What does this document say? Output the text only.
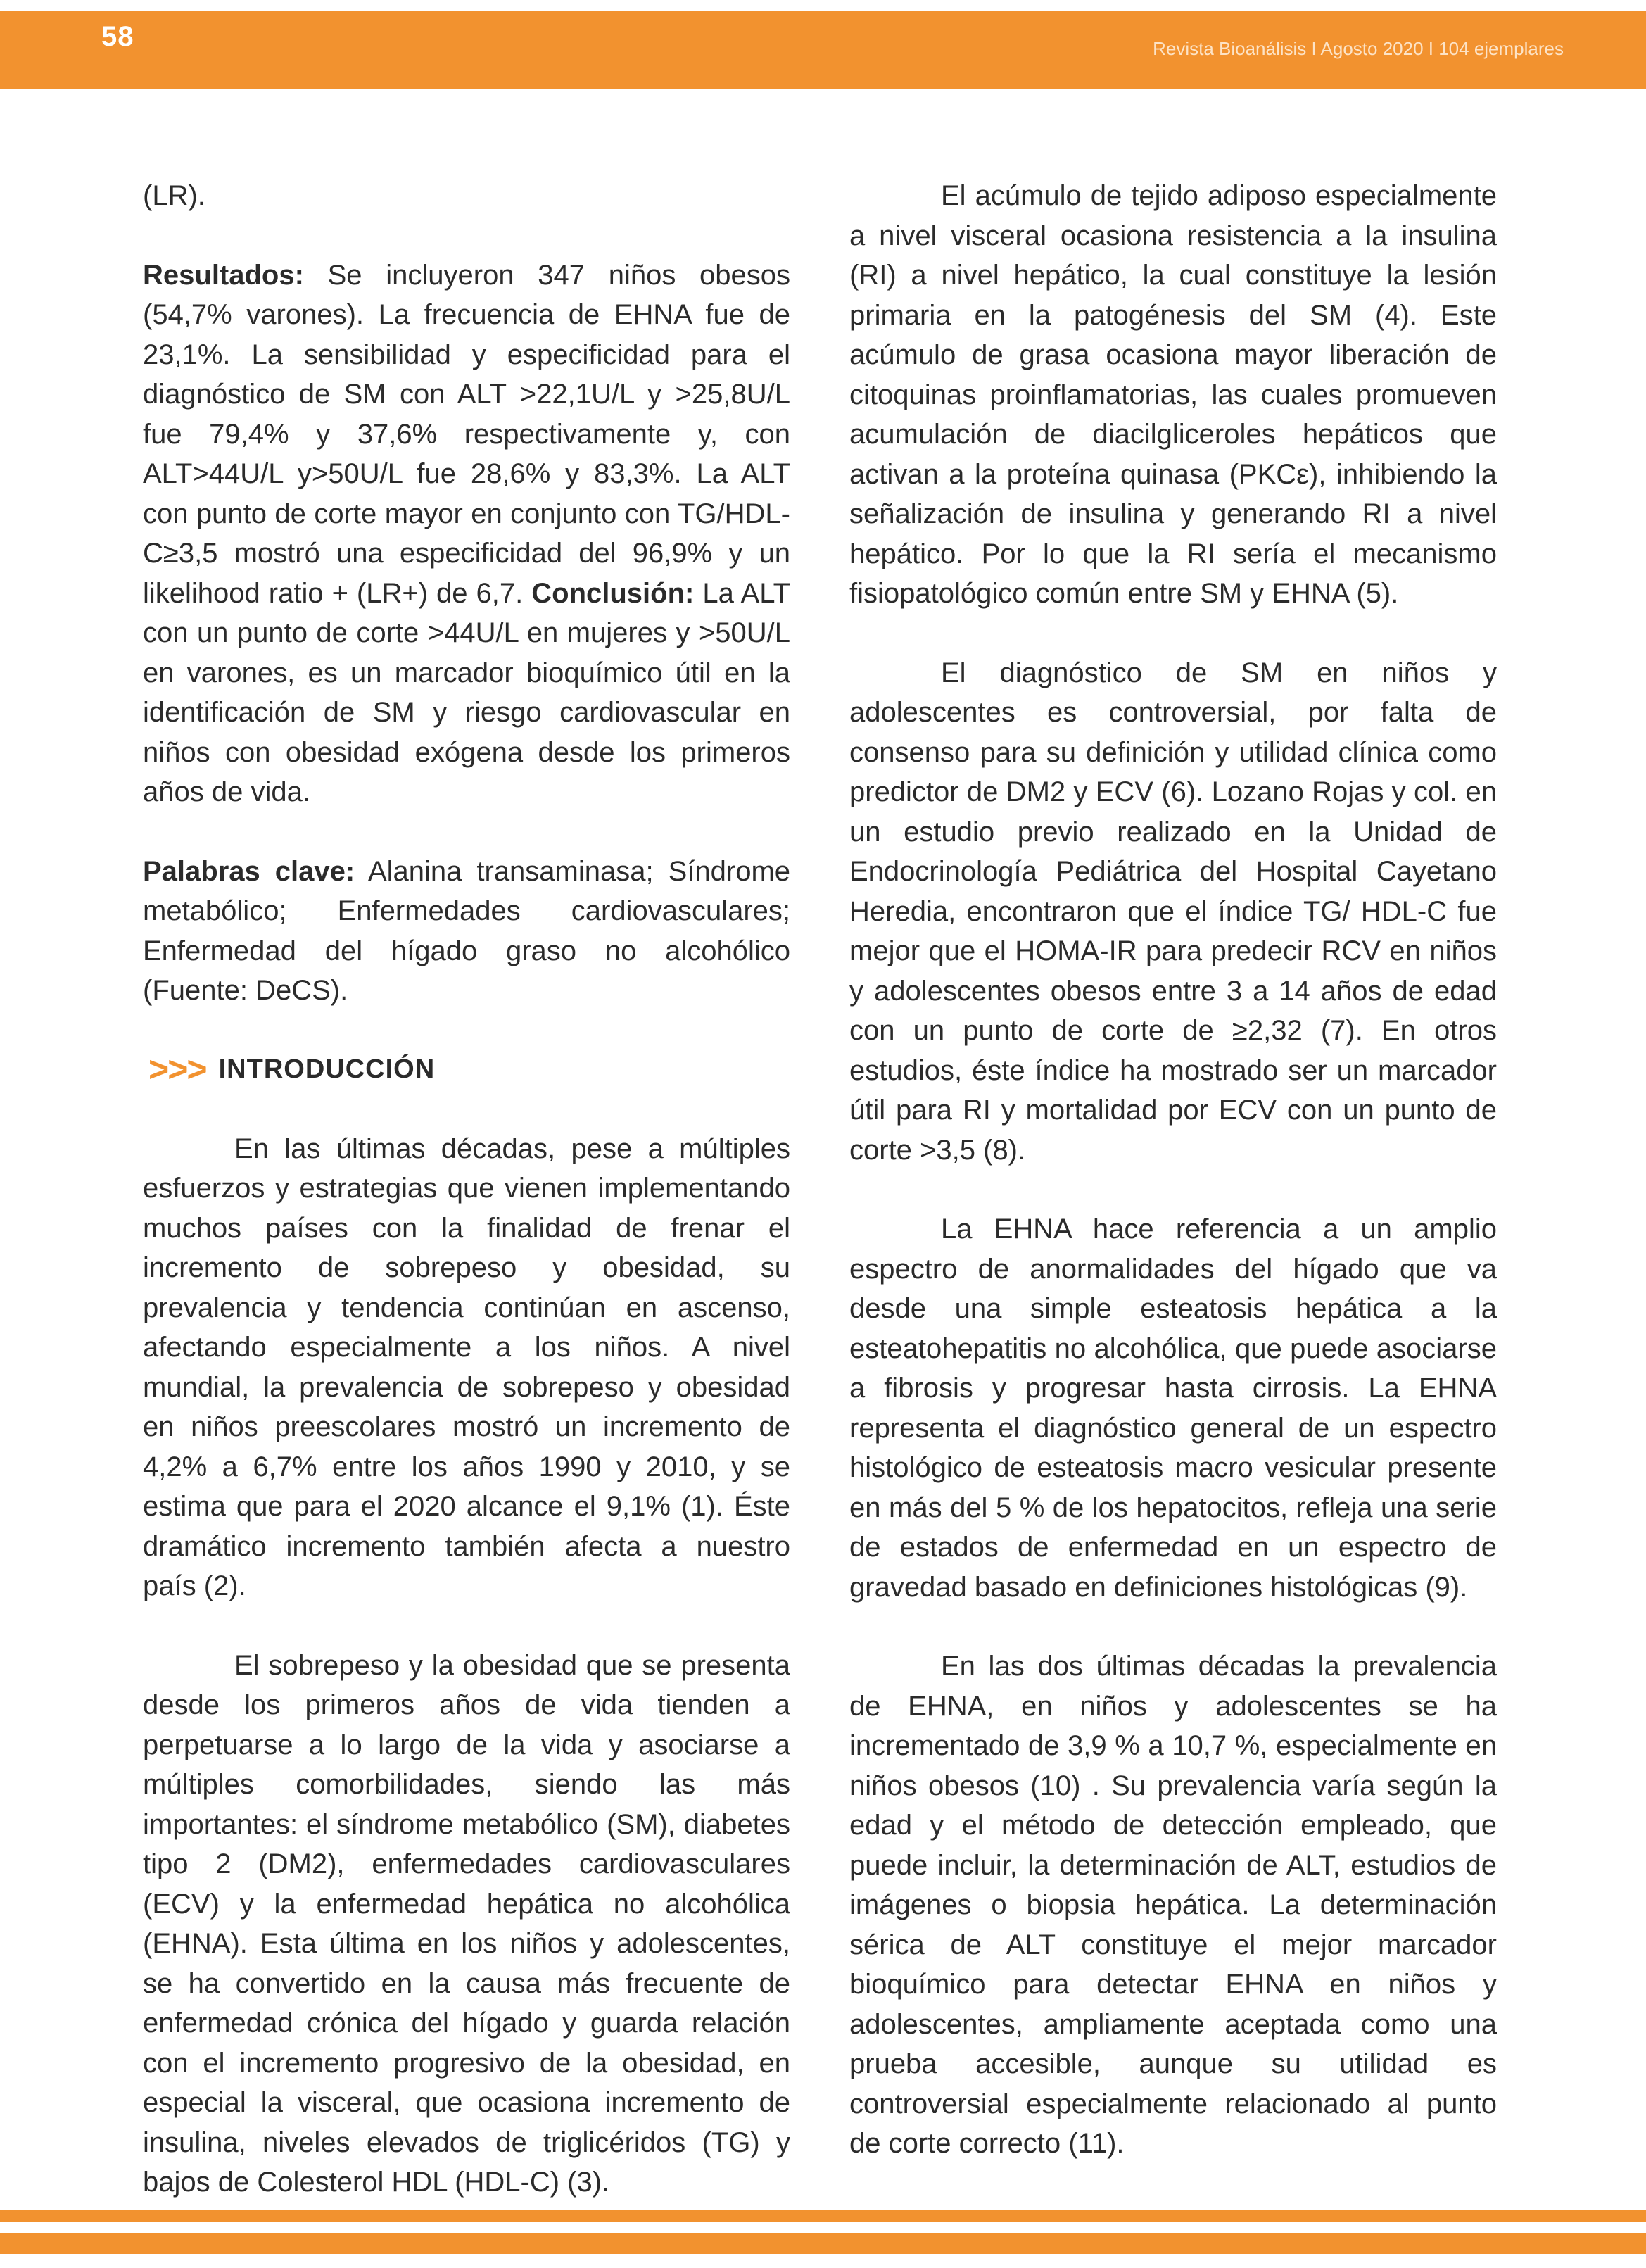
58	Revista Bioanálisis I Agosto 2020 I 104 ejemplares

(LR).

Resultados: Se incluyeron 347 niños obesos (54,7% varones). La frecuencia de EHNA fue de 23,1%. La sensibilidad y especificidad para el diagnóstico de SM con ALT >22,1U/L y >25,8U/L fue 79,4% y 37,6% respectivamente y, con ALT>44U/L y>50U/L fue 28,6% y 83,3%. La ALT con punto de corte mayor en conjunto con TG/HDL-C≥3,5 mostró una especificidad del 96,9% y un likelihood ratio + (LR+) de 6,7. Conclusión: La ALT con un punto de corte >44U/L en mujeres y >50U/L en varones, es un marcador bioquímico útil en la identificación de SM y riesgo cardiovascular en niños con obesidad exógena desde los primeros años de vida.

Palabras clave: Alanina transaminasa; Síndrome metabólico; Enfermedades cardiovasculares; Enfermedad del hígado graso no alcohólico (Fuente: DeCS).

>>> INTRODUCCIÓN

En las últimas décadas, pese a múltiples esfuerzos y estrategias que vienen implementando muchos países con la finalidad de frenar el incremento de sobrepeso y obesidad, su prevalencia y tendencia continúan en ascenso, afectando especialmente a los niños. A nivel mundial, la prevalencia de sobrepeso y obesidad en niños preescolares mostró un incremento de 4,2% a 6,7% entre los años 1990 y 2010, y se estima que para el 2020 alcance el 9,1% (1). Éste dramático incremento también afecta a nuestro país (2).

El sobrepeso y la obesidad que se presenta desde los primeros años de vida tienden a perpetuarse a lo largo de la vida y asociarse a múltiples comorbilidades, siendo las más importantes: el síndrome metabólico (SM), diabetes tipo 2 (DM2), enfermedades cardiovasculares (ECV) y la enfermedad hepática no alcohólica (EHNA). Esta última en los niños y adolescentes, se ha convertido en la causa más frecuente de enfermedad crónica del hígado y guarda relación con el incremento progresivo de la obesidad, en especial la visceral, que ocasiona incremento de insulina, niveles elevados de triglicéridos (TG) y bajos de Colesterol HDL (HDL-C) (3).

El acúmulo de tejido adiposo especialmente a nivel visceral ocasiona resistencia a la insulina (RI) a nivel hepático, la cual constituye la lesión primaria en la patogénesis del SM (4). Este acúmulo de grasa ocasiona mayor liberación de citoquinas proinflamatorias, las cuales promueven acumulación de diacilgliceroles hepáticos que activan a la proteína quinasa (PKCε), inhibiendo la señalización de insulina y generando RI a nivel hepático. Por lo que la RI sería el mecanismo fisiopatológico común entre SM y EHNA (5).

El diagnóstico de SM en niños y adolescentes es controversial, por falta de consenso para su definición y utilidad clínica como predictor de DM2 y ECV (6). Lozano Rojas y col. en un estudio previo realizado en la Unidad de Endocrinología Pediátrica del Hospital Cayetano Heredia, encontraron que el índice TG/ HDL-C fue mejor que el HOMA-IR para predecir RCV en niños y adolescentes obesos entre 3 a 14 años de edad con un punto de corte de ≥2,32 (7). En otros estudios, éste índice ha mostrado ser un marcador útil para RI y mortalidad por ECV con un punto de corte >3,5 (8).

La EHNA hace referencia a un amplio espectro de anormalidades del hígado que va desde una simple esteatosis hepática a la esteatohepatitis no alcohólica, que puede asociarse a fibrosis y progresar hasta cirrosis. La EHNA representa el diagnóstico general de un espectro histológico de esteatosis macro vesicular presente en más del 5 % de los hepatocitos, refleja una serie de estados de enfermedad en un espectro de gravedad basado en definiciones histológicas (9).

En las dos últimas décadas la prevalencia de EHNA, en niños y adolescentes se ha incrementado de 3,9 % a 10,7 %, especialmente en niños obesos (10) . Su prevalencia varía según la edad y el método de detección empleado, que puede incluir, la determinación de ALT, estudios de imágenes o biopsia hepática. La determinación sérica de ALT constituye el mejor marcador bioquímico para detectar EHNA en niños y adolescentes, ampliamente aceptada como una prueba accesible, aunque su utilidad es controversial especialmente relacionado al punto de corte correcto (11).
